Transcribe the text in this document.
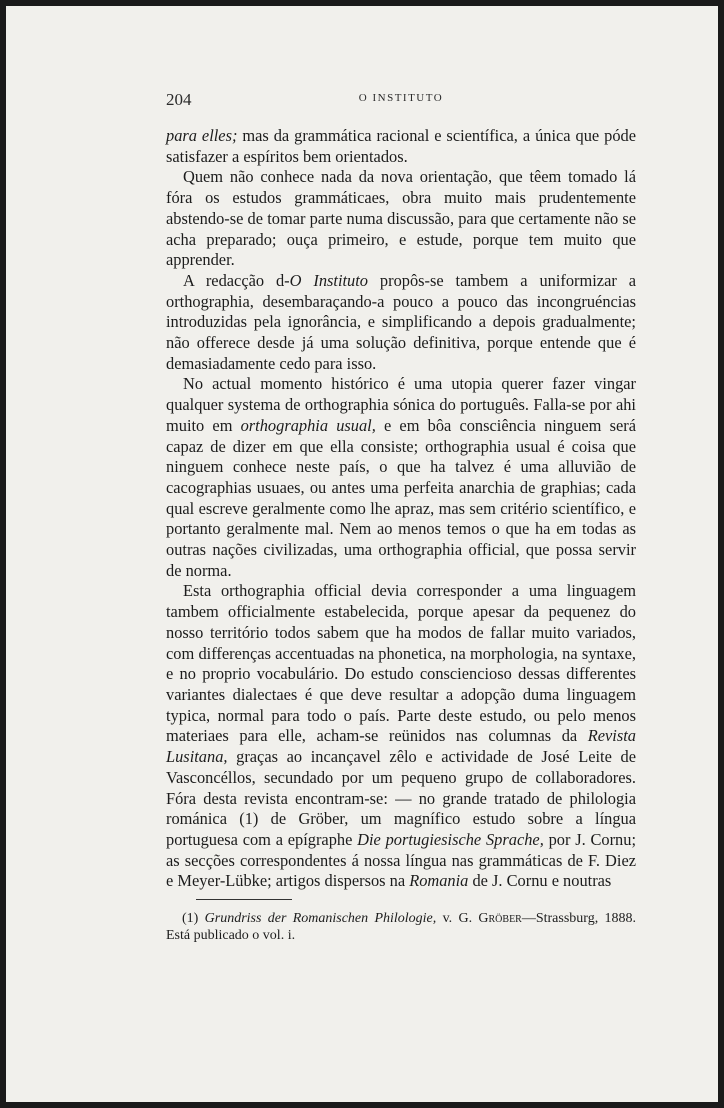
204	O INSTITUTO

para elles; mas da grammática racional e scientífica, a única que póde satisfazer a espíritos bem orientados.

Quem não conhece nada da nova orientação, que têem tomado lá fóra os estudos grammáticaes, obra muito mais prudentemente abstendo-se de tomar parte numa discussão, para que certamente não se acha preparado; ouça primeiro, e estude, porque tem muito que apprender.

A redacção d-O Instituto propôs-se tambem a uniformizar a orthographia, desembaraçando-a pouco a pouco das incongruéncias introduzidas pela ignorância, e simplificando a depois gradualmente; não offerece desde já uma solução definitiva, porque entende que é demasiadamente cedo para isso.

No actual momento histórico é uma utopia querer fazer vingar qualquer systema de orthographia sónica do português. Falla-se por ahi muito em orthographia usual, e em bôa consciência ninguem será capaz de dizer em que ella consiste; orthographia usual é coisa que ninguem conhece neste país, o que ha talvez é uma alluvião de cacographias usuaes, ou antes uma perfeita anarchia de graphias; cada qual escreve geralmente como lhe apraz, mas sem critério scientífico, e portanto geralmente mal. Nem ao menos temos o que ha em todas as outras nações civilizadas, uma orthographia official, que possa servir de norma.

Esta orthographia official devia corresponder a uma linguagem tambem officialmente estabelecida, porque apesar da pequenez do nosso território todos sabem que ha modos de fallar muito variados, com differenças accentuadas na phonetica, na morphologia, na syntaxe, e no proprio vocabulário. Do estudo consciencioso dessas differentes variantes dialectaes é que deve resultar a adopção duma linguagem typica, normal para todo o país. Parte deste estudo, ou pelo menos materiaes para elle, acham-se reünidos nas columnas da Revista Lusitana, graças ao incançavel zêlo e actividade de José Leite de Vasconcéllos, secundado por um pequeno grupo de collaboradores. Fóra desta revista encontram-se: — no grande tratado de philologia románica (1) de Gröber, um magnífico estudo sobre a língua portuguesa com a epígraphe Die portugiesische Sprache, por J. Cornu; as secções correspondentes á nossa língua nas grammáticas de F. Diez e Meyer-Lübke; artigos dispersos na Romania de J. Cornu e noutras

(1) Grundriss der Romanischen Philologie, v. G. Gröber—Strassburg, 1888. Está publicado o vol. i.
